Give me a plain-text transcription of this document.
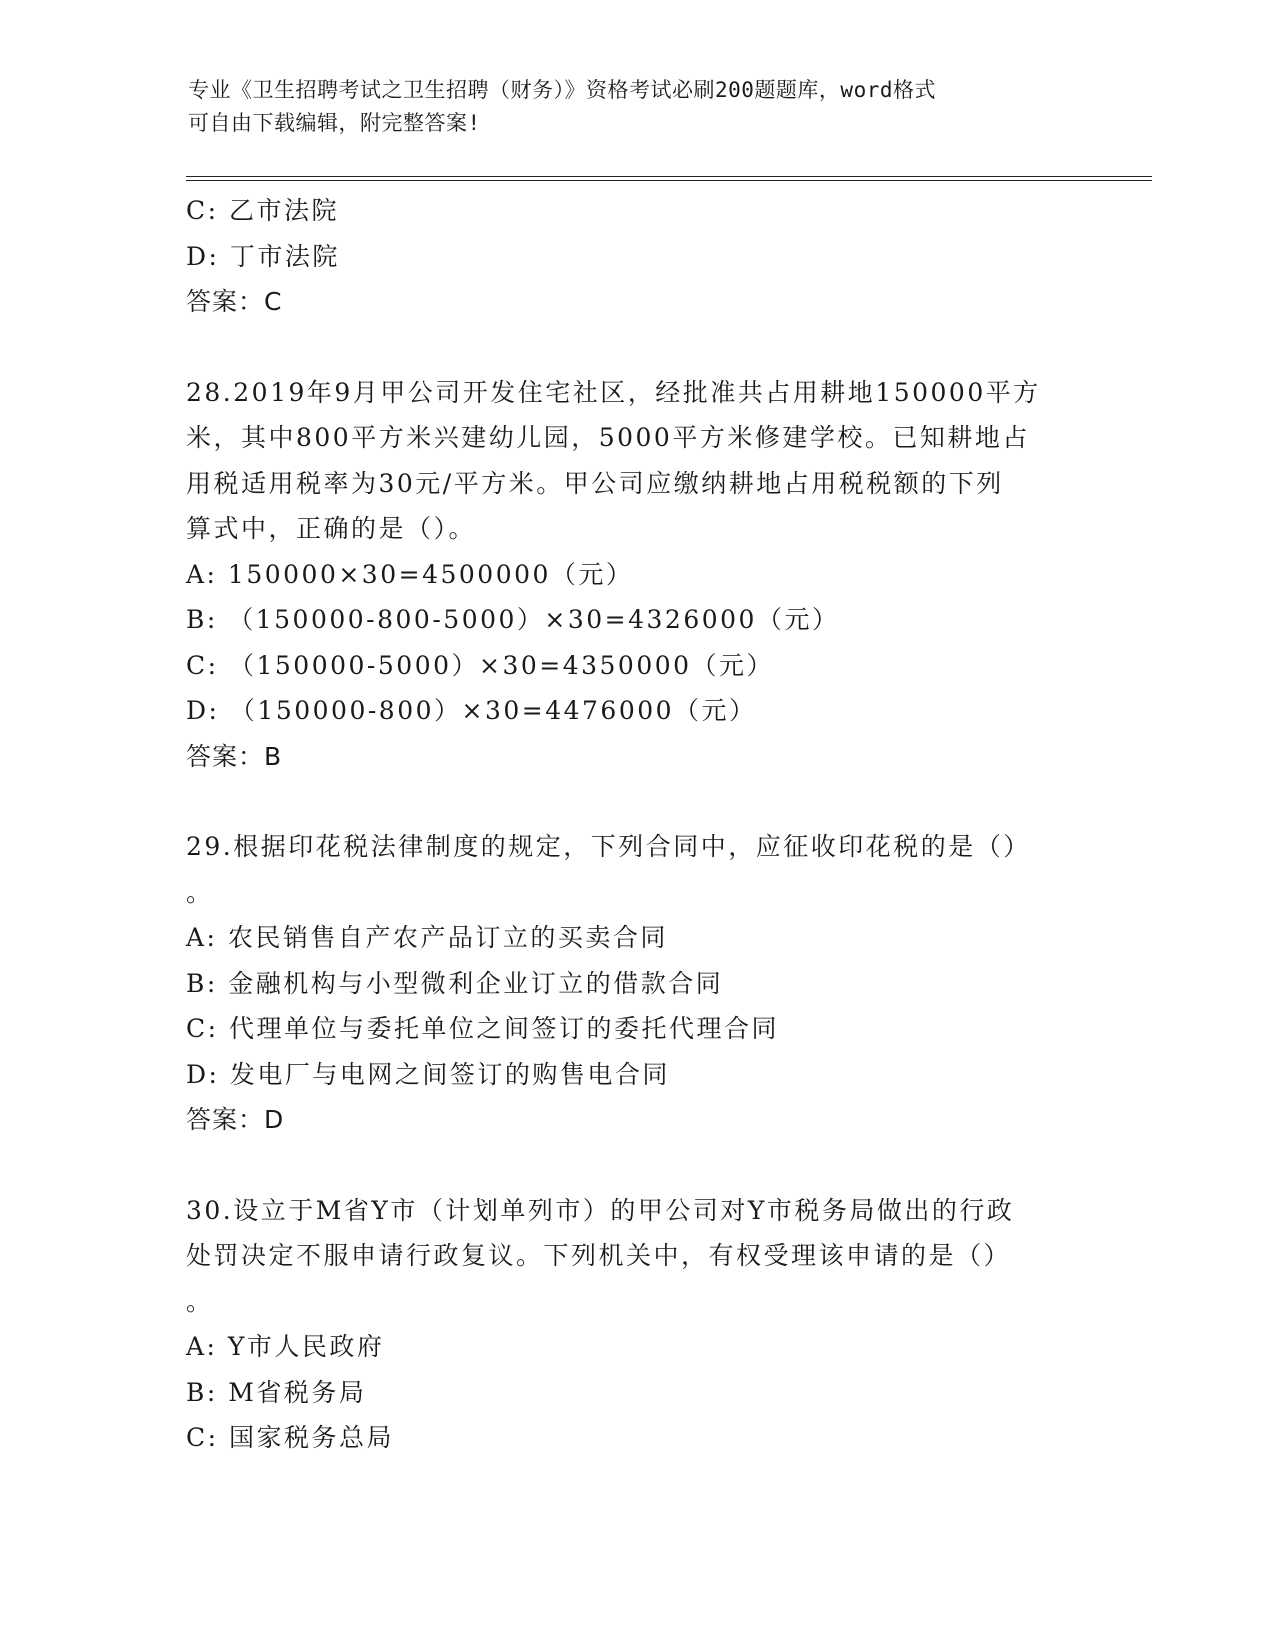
专业《卫生招聘考试之卫生招聘（财务）》资格考试必刷200题题库，word格式
可自由下载编辑，附完整答案!
C: 乙市法院
D: 丁市法院
答案：C
28.2019年9月甲公司开发住宅社区，经批准共占用耕地150000平方
米，其中800平方米兴建幼儿园，5000平方米修建学校。已知耕地占
用税适用税率为30元/平方米。甲公司应缴纳耕地占用税税额的下列
算式中，正确的是（）。
A: 150000×30=4500000（元）
B: （150000-800-5000）×30=4326000（元）
C: （150000-5000）×30=4350000（元）
D: （150000-800）×30=4476000（元）
答案：B
29.根据印花税法律制度的规定，下列合同中，应征收印花税的是（）
。
A: 农民销售自产农产品订立的买卖合同
B: 金融机构与小型微利企业订立的借款合同
C: 代理单位与委托单位之间签订的委托代理合同
D: 发电厂与电网之间签订的购售电合同
答案：D
30.设立于M省Y市（计划单列市）的甲公司对Y市税务局做出的行政
处罚决定不服申请行政复议。下列机关中，有权受理该申请的是（）
。
A: Y市人民政府
B: M省税务局
C: 国家税务总局
